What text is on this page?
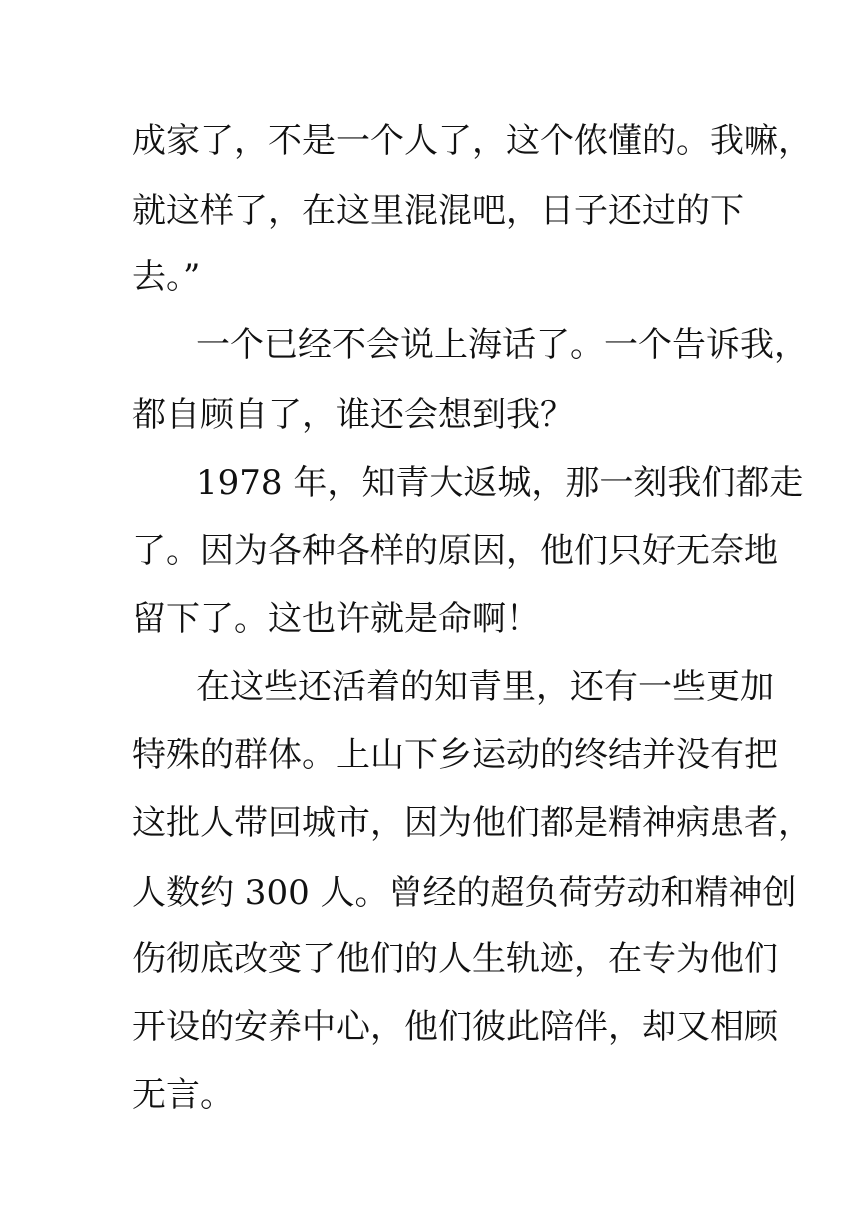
成家了，不是一个人了，这个侬懂的。我嘛，
就这样了，在这里混混吧，日子还过的下
去。”
一个已经不会说上海话了。一个告诉我，
都自顾自了，谁还会想到我？
1978 年，知青大返城，那一刻我们都走
了。因为各种各样的原因，他们只好无奈地
留下了。这也许就是命啊！
在这些还活着的知青里，还有一些更加
特殊的群体。上山下乡运动的终结并没有把
这批人带回城市，因为他们都是精神病患者，
人数约 300 人。曾经的超负荷劳动和精神创
伤彻底改变了他们的人生轨迹，在专为他们
开设的安养中心，他们彼此陪伴，却又相顾
无言。
